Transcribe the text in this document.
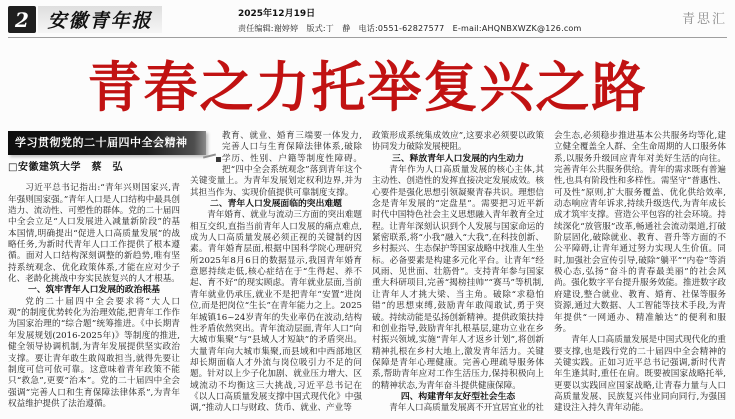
2 安徽青年报	2025年12月19日
责任编辑:谢婷婷　版式:丁　静　电话:0551-62827577　E-mail:AHQNBXWZK@126.com
青思汇
青春之力托举复兴之路
学习贯彻党的二十届四中全会精神
□安徽建筑大学　蔡　弘

习近平总书记指出:“青年兴则国家兴,青年强则国家强。”青年人口是人口结构中最具创造力、流动性、可塑性的群体。党的二十届四中全会立足“人口发展进入减量新阶段”的基本国情,明确提出“促进人口高质量发展”的战略任务,为新时代青年人口工作提供了根本遵循。面对人口结构深刻调整的新趋势,唯有坚持系统观念、优化政策体系,才能在应对少子化、老龄化挑战中夯实民族复兴的人才根基。

一、筑牢青年人口发展的政治根基

党的二十届四中全会要求将“大人口观”的制度优势转化为治理效能,把青年工作作为国家治理的“综合题”统筹推进。《中长期青年发展规划(2016-2025年)》等制度的推进,健全领导协调机制,为青年发展提供坚实政治支撑。要让青年敢生敢闯敢担当,就得先要让制度可信可依可靠。这意味着青年政策不能只“救急”,更要“治本”。党的二十届四中全会强调“完善人口和生育保障法律体系”,为青年权益维护提供了法治遵循。

教育、就业、婚育三端要一体发力,完善人口与生育保障法律体系,破除学历、性别、户籍等制度性障碍。把“四中全会系统观念”落到青年这个关键变量上。为青年发展划定权利边界,并为其担当作为、实现价值提供可靠制度支撑。

二、青年人口发展面临的突出难题

青年婚育、就业与流动三方面的突出难题相互交织,直指当前青年人口发展的痛点难点,成为人口高质量发展必须正视的关键制约因素。青年婚育层面,根据中国科学院心理研究所2025年8月6日的数据显示,我国青年婚育意愿持续走低,核心症结在于“生得起、养不起、育不好”的现实顾虑。青年就业层面,当前青年就业仍承压,就业不是把青年“安置”进岗位,而是把岗位“生长”在青年能力之上。2025年城镇16~24岁青年的失业率仍在波动,结构性矛盾依然突出。青年流动层面,青年人口“向大城市集聚”与“县域人才短缺”的矛盾突出。大量青年向大城市集聚,而县域和中西部地区却长期面临人才外流与岗位吸引力不足的问题。针对以上少子化加剧、就业压力增大、区域流动不均衡这三大挑战,习近平总书记在《以人口高质量发展支撑中国式现代化》中强调,“推动人口与财政、货币、就业、产业等

政策形成系统集成效应”,这要求必须要以政策协同发力破除发展梗阻。

三、释放青年人口发展的内生动力

青年作为人口高质量发展的核心主体,其主动性、创造性的发挥直接决定发展成效。核心要件是强化思想引领凝聚青春共识。理想信念是青年发展的“定盘星”。需要把习近平新时代中国特色社会主义思想融入青年教育全过程。让青年深刻认识到个人发展与国家命运的紧密联系,将“小我”融入“大我”,在科技创新、乡村振兴、生态保护等国家战略中找准人生坐标。必备要素是构建多元化平台。让青年“经风雨、见世面、壮筋骨”。支持青年参与国家重大科研项目,完善“揭榜挂帅”“赛马”等机制,让青年人才挑大梁、当主角。破除“求稳怕错”的思想束缚,鼓励青年敢闯敢试,勇于突破。持续动能是弘扬创新精神。提供政策扶持和创业指导,鼓励青年扎根基层,建功立业在乡村振兴领域,实施“青年人才返乡计划”,将创新精神扎根在乡村大地上,激发青年活力。关键保障是青年心理健康。完善心理疏导服务体系,帮助青年应对工作生活压力,保持积极向上的精神状态,为青年奋斗提供健康保障。

四、构建青年友好型社会生态

青年人口高质量发展离不开宜居宜业的社

会生态,必须稳步推进基本公共服务均等化,建立健全覆盖全人群、全生命周期的人口服务体系,以服务升级回应青年对美好生活的向往。完善青年公共服务供给。青年的需求既有普遍性,也具有阶段性和多样性。需坚守“普惠性、可及性”原则,扩大服务覆盖、优化供给效率,动态响应青年诉求,持续升级迭代,为青年成长成才筑牢支撑。营造公平包容的社会环境。持续深化“放管服”改革,畅通社会流动渠道,打破阶层固化,破除就业、教育、晋升等方面的不公平障碍,让青年通过努力实现人生价值。同时,加强社会宣传引导,破除“躺平”“内卷”等消极心态,弘扬“奋斗的青春最美丽”的社会风尚。强化数字平台提升服务效能。推进数字政府建设,整合就业、教育、婚育、社保等服务资源,通过大数据、人工智能等技术手段,为青年提供“一网通办、精准触达”的便利和服务。

青年人口高质量发展是中国式现代化的重要支撑,也是践行党的二十届四中全会精神的关键实践。正如习近平总书记强调,新时代青年生逢其时,重任在肩。既要被国家战略托举,更要以实践回应国家战略,让青春力量与人口高质量发展、民族复兴伟业同向同行,为强国建设注入持久青年动能。
